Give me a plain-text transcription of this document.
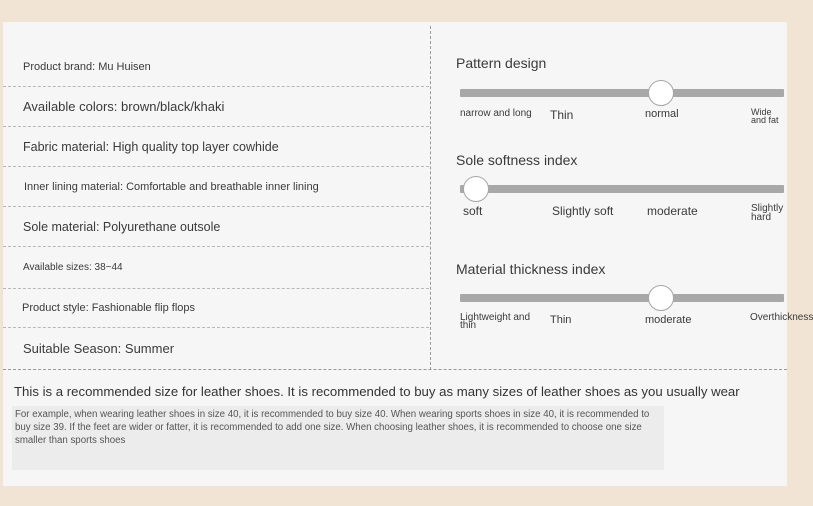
Product brand: Mu Huisen
Available colors: brown/black/khaki
Fabric material: High quality top layer cowhide
Inner lining material: Comfortable and breathable inner lining
Sole material: Polyurethane outsole
Available sizes: 38~44
Product style: Fashionable flip flops
Suitable Season: Summer
Pattern design
narrow and long Thin	normal	Wide and fat
Sole softness index
soft	Slightly soft	moderate	Slightly hard
Material thickness index
Lightweight and thin	Thin	moderate	Overthickness
This is a recommended size for leather shoes. It is recommended to buy as many sizes of leather shoes as you usually wear
For example, when wearing leather shoes in size 40, it is recommended to buy size 40. When wearing sports shoes in size 40, it is recommended to buy size 39. If the feet are wider or fatter, it is recommended to add one size. When choosing leather shoes, it is recommended to choose one size smaller than sports shoes
